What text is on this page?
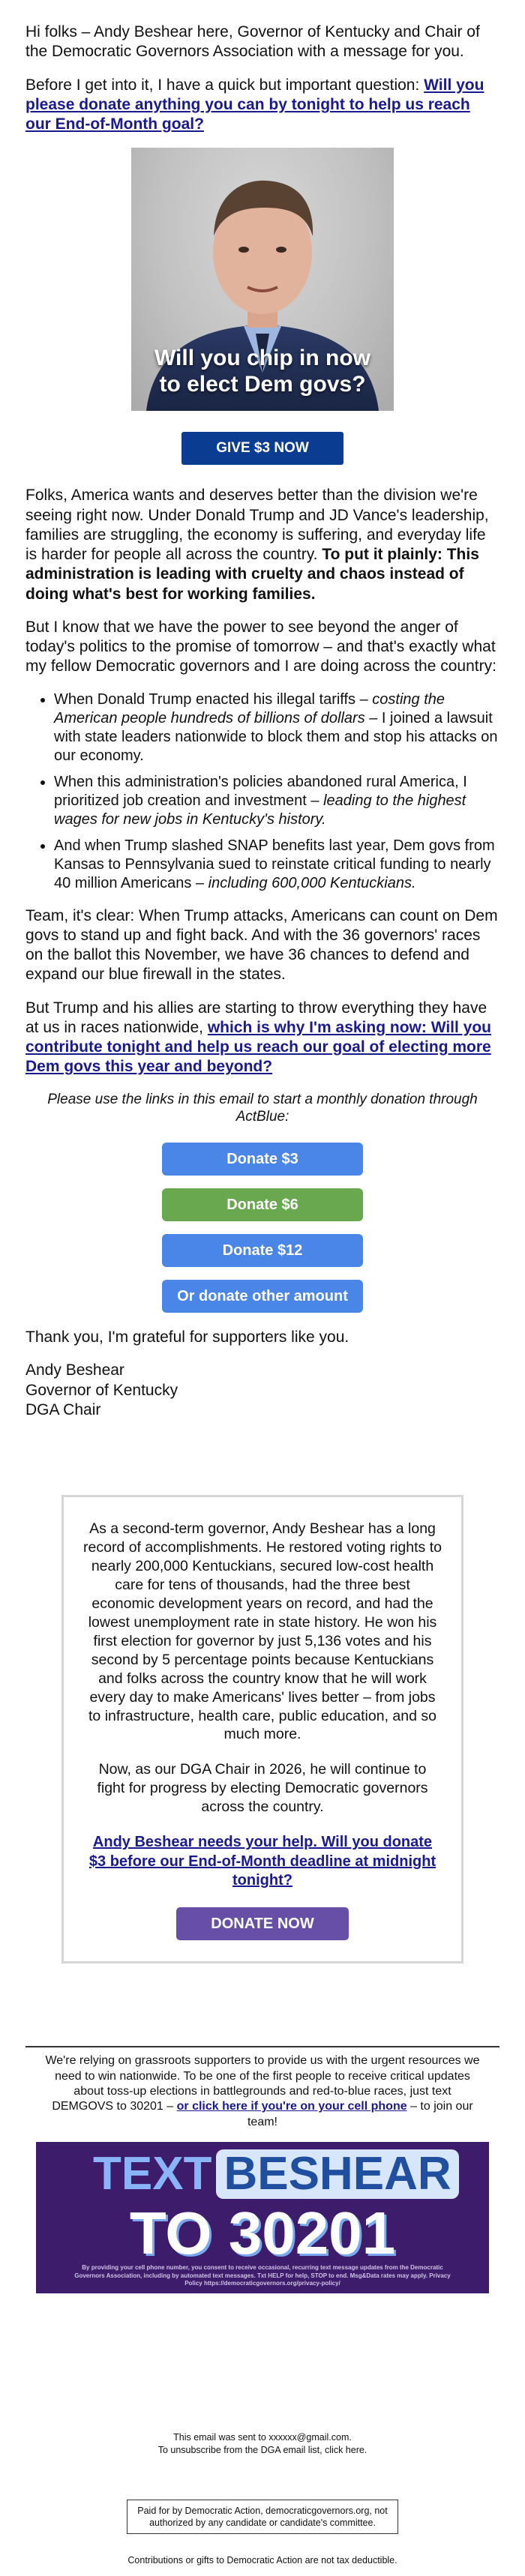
Hi folks – Andy Beshear here, Governor of Kentucky and Chair of the Democratic Governors Association with a message for you.

Before I get into it, I have a quick but important question: Will you please donate anything you can by tonight to help us reach our End-of-Month goal?

Will you chip in now
to elect Dem govs?
GIVE $3 NOW

Folks, America wants and deserves better than the division we're seeing right now. Under Donald Trump and JD Vance's leadership, families are struggling, the economy is suffering, and everyday life is harder for people all across the country. To put it plainly: This administration is leading with cruelty and chaos instead of doing what's best for working families.

But I know that we have the power to see beyond the anger of today's politics to the promise of tomorrow – and that's exactly what my fellow Democratic governors and I are doing across the country:

• When Donald Trump enacted his illegal tariffs – costing the American people hundreds of billions of dollars – I joined a lawsuit with state leaders nationwide to block them and stop his attacks on our economy.
• When this administration's policies abandoned rural America, I prioritized job creation and investment – leading to the highest wages for new jobs in Kentucky's history.
• And when Trump slashed SNAP benefits last year, Dem govs from Kansas to Pennsylvania sued to reinstate critical funding to nearly 40 million Americans – including 600,000 Kentuckians.

Team, it's clear: When Trump attacks, Americans can count on Dem govs to stand up and fight back. And with the 36 governors' races on the ballot this November, we have 36 chances to defend and expand our blue firewall in the states.

But Trump and his allies are starting to throw everything they have at us in races nationwide, which is why I'm asking now: Will you contribute tonight and help us reach our goal of electing more Dem govs this year and beyond?

Please use the links in this email to start a monthly donation through ActBlue:
Donate $3
Donate $6
Donate $12
Or donate other amount

Thank you, I'm grateful for supporters like you.

Andy Beshear
Governor of Kentucky
DGA Chair

As a second-term governor, Andy Beshear has a long record of accomplishments. He restored voting rights to nearly 200,000 Kentuckians, secured low-cost health care for tens of thousands, had the three best economic development years on record, and had the lowest unemployment rate in state history. He won his first election for governor by just 5,136 votes and his second by 5 percentage points because Kentuckians and folks across the country know that he will work every day to make Americans' lives better – from jobs to infrastructure, health care, public education, and so much more.

Now, as our DGA Chair in 2026, he will continue to fight for progress by electing Democratic governors across the country.

Andy Beshear needs your help. Will you donate $3 before our End-of-Month deadline at midnight tonight?

DONATE NOW
We're relying on grassroots supporters to provide us with the urgent resources we need to win nationwide. To be one of the first people to receive critical updates about toss-up elections in battlegrounds and red-to-blue races, just text DEMGOVS to 30201 – or click here if you're on your cell phone – to join our team!
TEXT BESHEAR
TO 30201
By providing your cell phone number, you consent to receive occasional, recurring text message updates from the Democratic Governors Association, including by automated text messages. Txt HELP for help, STOP to end. Msg&Data rates may apply. Privacy Policy https://democraticgovernors.org/privacy-policy/
This email was sent to xxxxxx@gmail.com.
To unsubscribe from the DGA email list, click here.
Paid for by Democratic Action, democraticgovernors.org, not authorized by any candidate or candidate's committee.
Contributions or gifts to Democratic Action are not tax deductible.
